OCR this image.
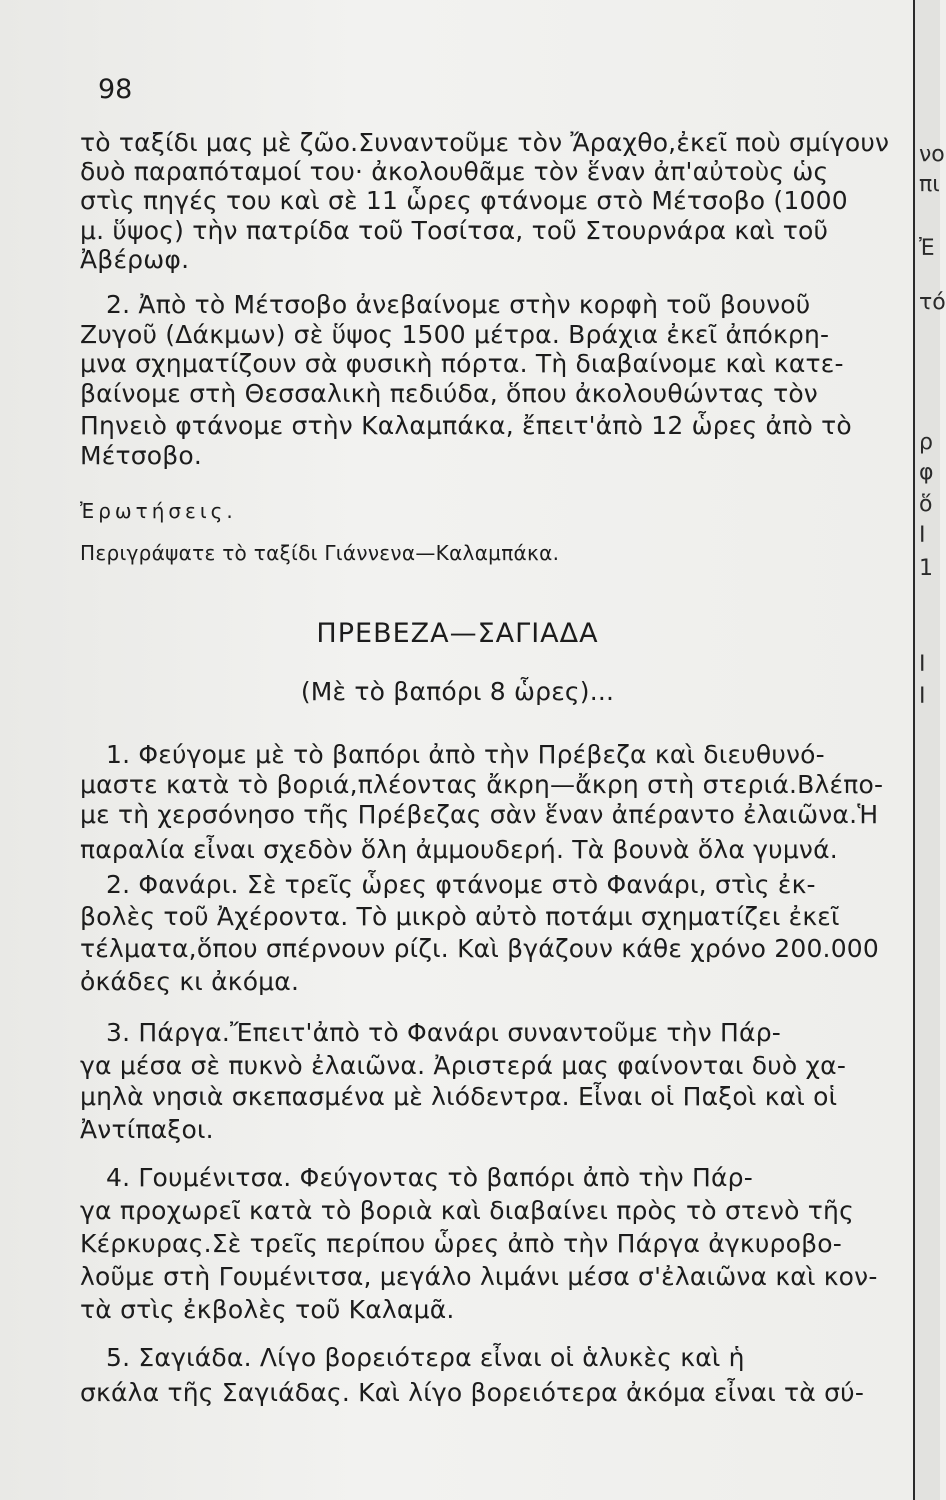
98

τὸ ταξίδι μας μὲ ζῶο.Συναντοῦμε τὸν Ἄραχθο,ἐκεῖ ποὺ σμίγουν

δυὸ παραπόταμοί του· ἀκολουθᾶμε τὸν ἕναν ἀπ'αὐτοὺς ὡς

στὶς πηγές του καὶ σὲ 11 ὧρες φτάνομε στὸ Μέτσοβο (1000

μ. ὕψος) τὴν πατρίδα τοῦ Τοσίτσα, τοῦ Στουρνάρα καὶ τοῦ

Ἀβέρωφ.

2. Ἀπὸ τὸ Μέτσοβο ἀνεβαίνομε στὴν κορφὴ τοῦ βουνοῦ

Ζυγοῦ (Δάκμων) σὲ ὕψος 1500 μέτρα. Βράχια ἐκεῖ ἀπόκρη-

μνα σχηματίζουν σὰ φυσικὴ πόρτα. Τὴ διαβαίνομε καὶ κατε-

βαίνομε στὴ Θεσσαλικὴ πεδιύδα, ὅπου ἀκολουθώντας τὸν

Πηνειὸ φτάνομε στὴν Καλαμπάκα, ἔπειτ'ἀπὸ 12 ὧρες ἀπὸ τὸ

Μέτσοβο.

Ἐρωτήσεις.

Περιγράψατε τὸ ταξίδι Γιάννενα—Καλαμπάκα.

ΠΡΕΒΕΖΑ—ΣΑΓΙΑΔΑ

(Μὲ τὸ βαπόρι 8 ὧρες)...

1. Φεύγομε μὲ τὸ βαπόρι ἀπὸ τὴν Πρέβεζα καὶ διευθυνό-

μαστε κατὰ τὸ βοριά,πλέοντας ἄκρη—ἄκρη στὴ στεριά.Βλέπο-

με τὴ χερσόνησο τῆς Πρέβεζας σὰν ἕναν ἀπέραντο ἐλαιῶνα.Ἡ

παραλία εἶναι σχεδὸν ὅλη ἀμμουδερή. Τὰ βουνὰ ὅλα γυμνά.

2. Φανάρι. Σὲ τρεῖς ὧρες φτάνομε στὸ Φανάρι, στὶς ἐκ-

βολὲς τοῦ Ἀχέροντα. Τὸ μικρὸ αὐτὸ ποτάμι σχηματίζει ἐκεῖ

τέλματα,ὅπου σπέρνουν ρίζι. Καὶ βγάζουν κάθε χρόνο 200.000

ὀκάδες κι ἀκόμα.

3. Πάργα.Ἔπειτ'ἀπὸ τὸ Φανάρι συναντοῦμε τὴν Πάρ-

γα μέσα σὲ πυκνὸ ἐλαιῶνα. Ἀριστερά μας φαίνονται δυὸ χα-

μηλὰ νησιὰ σκεπασμένα μὲ λιόδεντρα. Εἶναι οἱ Παξοὶ καὶ οἱ

Ἀντίπαξοι.

4. Γουμένιτσα. Φεύγοντας τὸ βαπόρι ἀπὸ τὴν Πάρ-

γα προχωρεῖ κατὰ τὸ βοριὰ καὶ διαβαίνει πρὸς τὸ στενὸ τῆς

Κέρκυρας.Σὲ τρεῖς περίπου ὧρες ἀπὸ τὴν Πάργα ἀγκυροβο-

λοῦμε στὴ Γουμένιτσα, μεγάλο λιμάνι μέσα σ'ἐλαιῶνα καὶ κον-

τὰ στὶς ἐκβολὲς τοῦ Καλαμᾶ.

5. Σαγιάδα. Λίγο βορειότερα εἶναι οἱ ἁλυκὲς καὶ ἡ

σκάλα τῆς Σαγιάδας. Καὶ λίγο βορειότερα ἀκόμα εἶναι τὰ σύ-

νο
πι
Ἐ
τό
ρ
φ
ὅ
Ι
1
Ι
Ι
